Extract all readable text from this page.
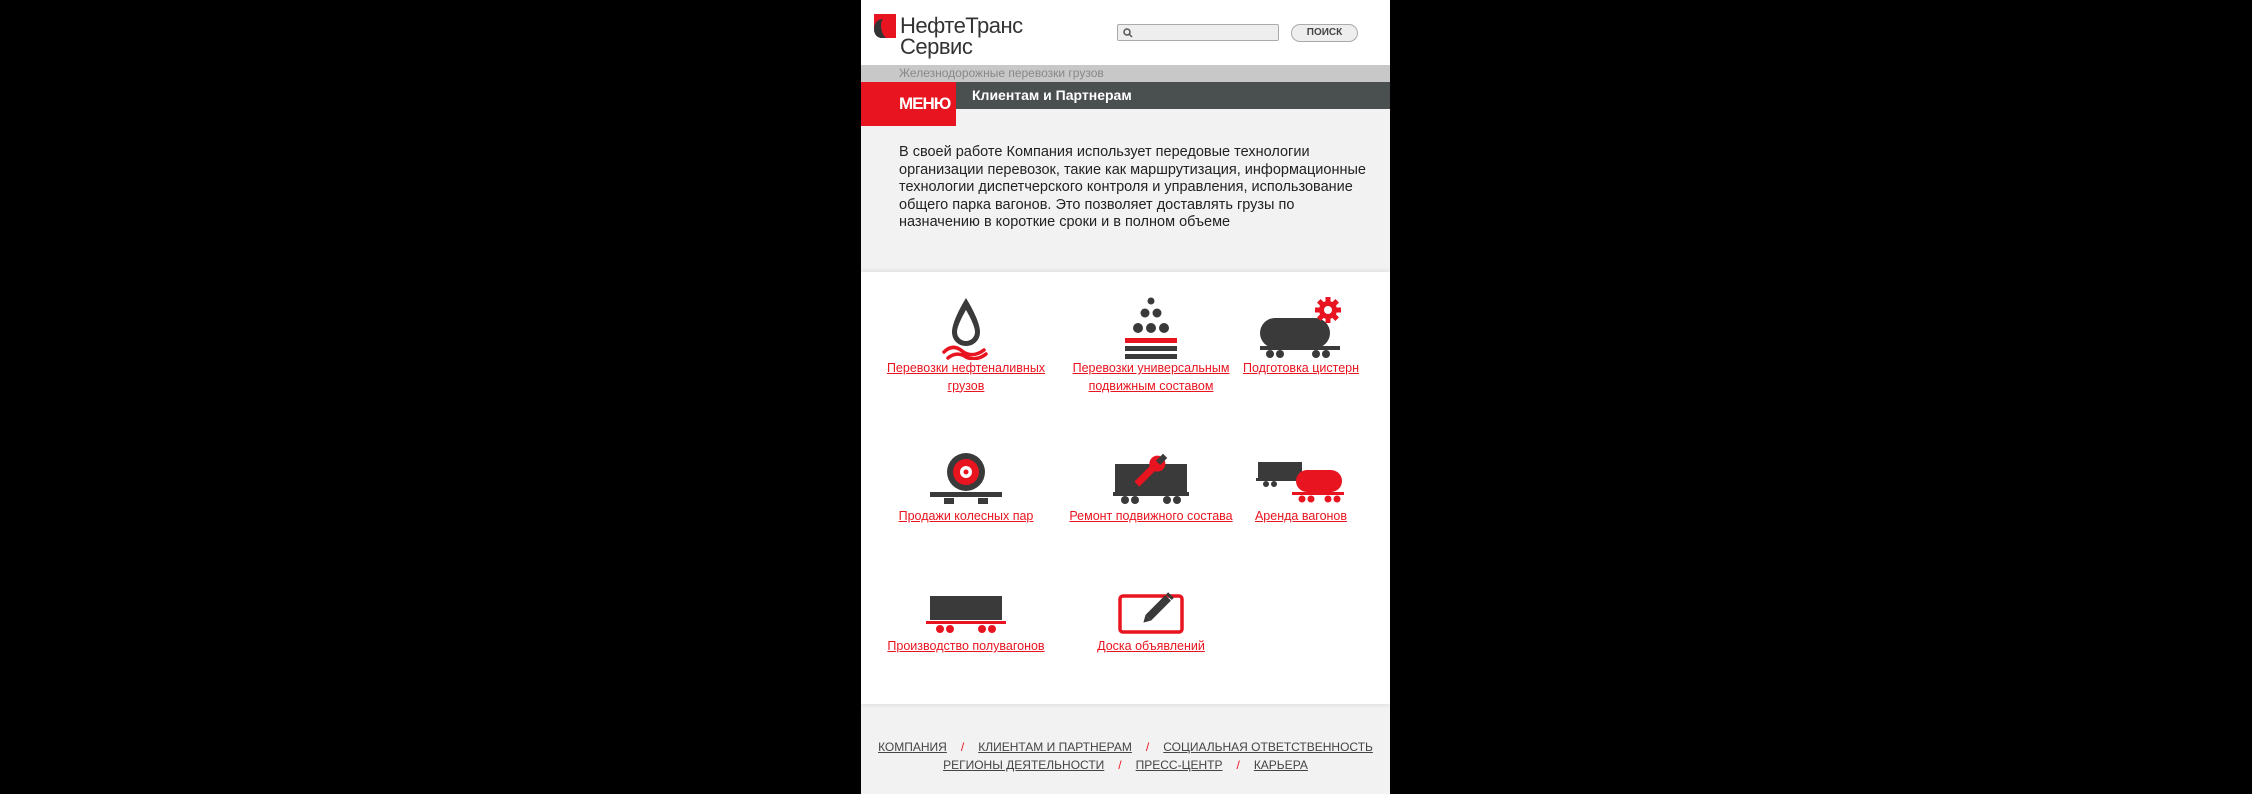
НефтеТранс
Сервис
ПОИСК
Железнодорожные перевозки грузов
МЕНЮ Клиентам и Партнерам
В своей работе Компания использует передовые технологии организации перевозок, такие как маршрутизация, информационные технологии диспетчерского контроля и управления, использование общего парка вагонов. Это позволяет доставлять грузы по назначению в короткие сроки и в полном объеме
Перевозки нефтеналивных грузов
Перевозки универсальным подвижным составом
Подготовка цистерн
Продажи колесных пар	Ремонт подвижного состава	Аренда вагонов
Производство полувагонов	Доска объявлений
КОМПАНИЯ / КЛИЕНТАМ И ПАРТНЕРАМ / СОЦИАЛЬНАЯ ОТВЕТСТВЕННОСТЬ
РЕГИОНЫ ДЕЯТЕЛЬНОСТИ / ПРЕСС-ЦЕНТР / КАРЬЕРА
